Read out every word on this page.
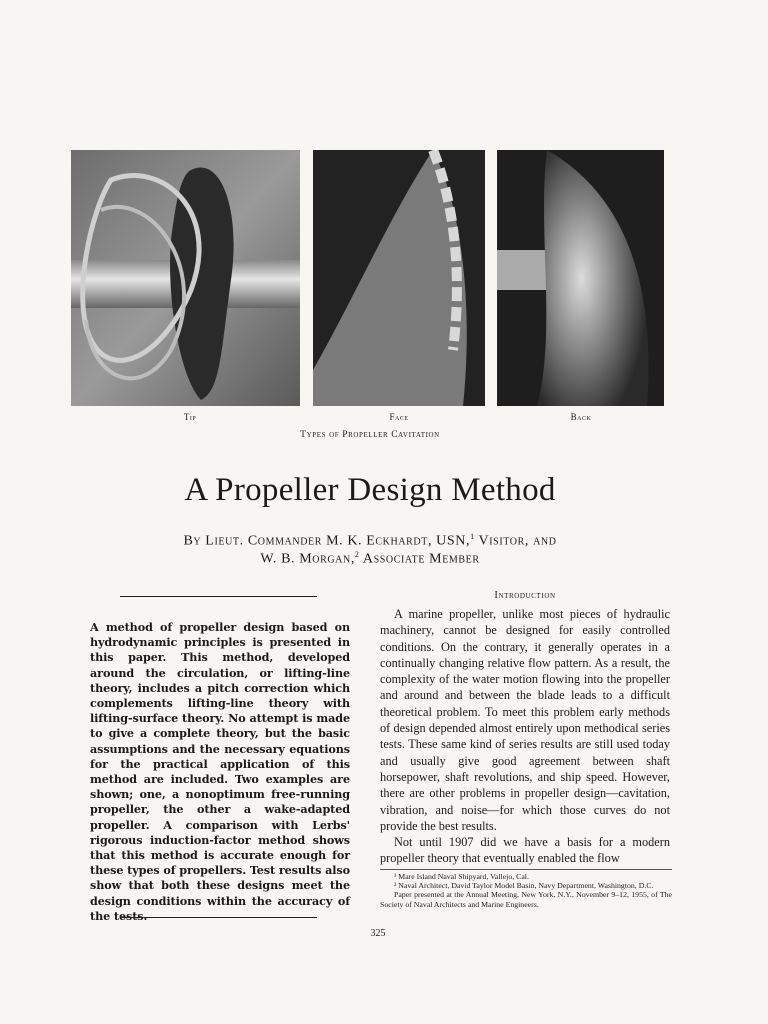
Tip	Face	Back
Types of Propeller Cavitation
A Propeller Design Method
By Lieut. Commander M. K. Eckhardt, USN,$^1$ Visitor, and
W. B. Morgan,$^2$ Associate Member
A method of propeller design based on hydrodynamic principles is presented in this paper. This method, developed around the circulation, or lifting-line theory, includes a pitch correction which complements lifting-line theory with lifting-surface theory. No attempt is made to give a complete theory, but the basic assumptions and the necessary equations for the practical application of this method are included. Two examples are shown; one, a nonoptimum free-running propeller, the other a wake-adapted propeller. A comparison with Lerbs' rigorous induction-factor method shows that this method is accurate enough for these types of propellers. Test results also show that both these designs meet the design conditions within the accuracy of the tests.
Introduction

A marine propeller, unlike most pieces of hydraulic machinery, cannot be designed for easily controlled conditions. On the contrary, it generally operates in a continually changing relative flow pattern. As a result, the complexity of the water motion flowing into the propeller and around and between the blade leads to a difficult theoretical problem. To meet this problem early methods of design depended almost entirely upon methodical series tests. These same kind of series results are still used today and usually give good agreement between shaft horsepower, shaft revolutions, and ship speed. However, there are other problems in propeller design—cavitation, vibration, and noise—for which those curves do not provide the best results.

Not until 1907 did we have a basis for a modern propeller theory that eventually enabled the flow

¹ Mare Island Naval Shipyard, Vallejo, Cal.
² Naval Architect, David Taylor Model Basin, Navy Department, Washington, D.C.
Paper presented at the Annual Meeting, New York, N.Y., November 9–12, 1955, of The Society of Naval Architects and Marine Engineers.
325
